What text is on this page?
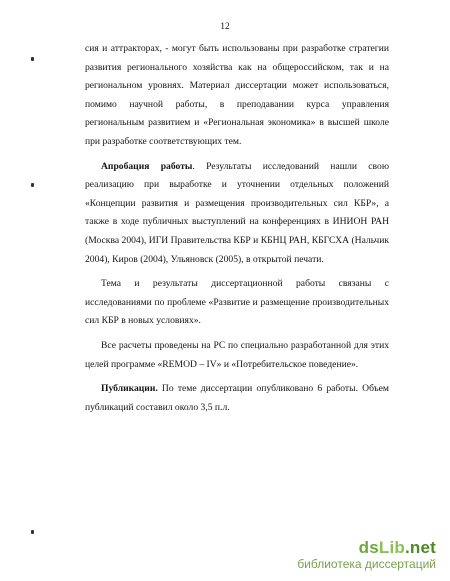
12

сия и аттракторах, - могут быть использованы при разработке стратегии развития регионального хозяйства как на общероссийском, так и на региональном уровнях. Материал диссертации может использоваться, помимо научной работы, в преподавании курса управления региональным развитием и «Региональная экономика» в высшей школе при разработке соответствующих тем.

Апробация работы. Результаты исследований нашли свою реализацию при выработке и уточнении отдельных положений «Концепции развития и размещения производительных сил КБР», а также в ходе публичных выступлений на конференциях в ИНИОН РАН (Москва 2004), ИГИ Правительства КБР и КБНЦ РАН, КБГСХА (Нальчик 2004), Киров (2004), Ульяновск (2005), в открытой печати.

Тема и результаты диссертационной работы связаны с исследованиями по проблеме «Развитие и размещение производительных сил КБР в новых условиях».

Все расчеты проведены на PC по специально разработанной для этих целей программе «REMOD – IV» и «Потребительское поведение».

Публикации. По теме диссертации опубликовано 6 работы. Объем публикаций составил около 3,5 п.л.

dsLib.net
библиотека диссертаций
